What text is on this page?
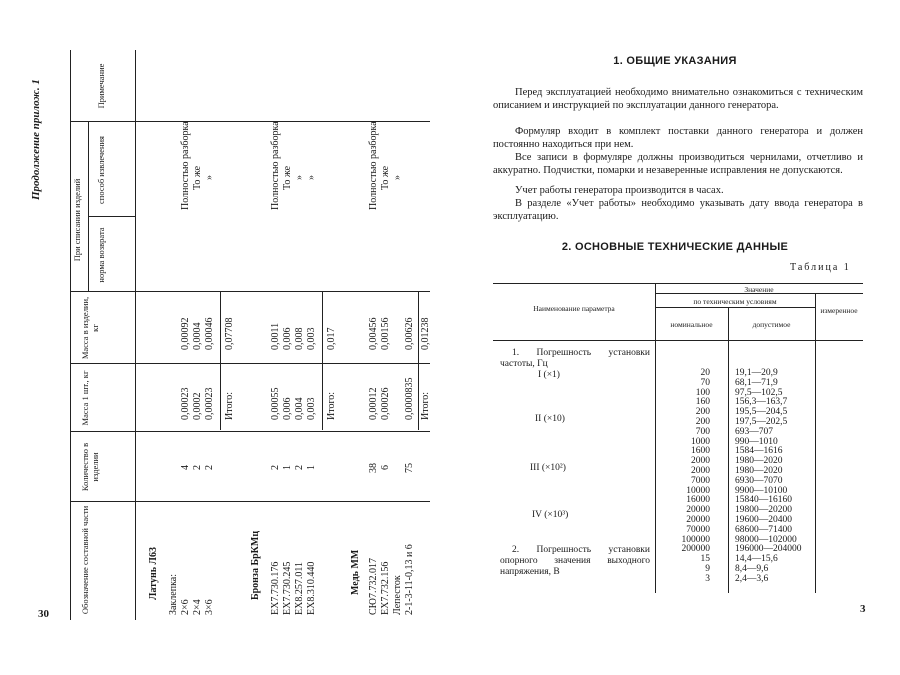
30
Продолжение прилож. 1
Обозначение составной части
Количество в изделии
Масса 1 шт., кг
Масса в изделии, кг
При списании изделий норма возврата
способ извлечения
Примечание
Латунь Л63 Заклепка: 2×6 2×4 3×6
4 2 2
0,00023 0,0002 0,00023
0,00092 0,0004 0,00046
Итого:
0,07708
Полностью разборка То же »
Бронза БрКМц ЕХ7.730.176 ЕХ7.730.245 ЕХ8.257.011 ЕХ8.310.440
2 1 2 1
0,00055 0,006 0,004 0,003
0,0011 0,006 0,008 0,003
Итого:
0,017
Полностью разборка То же » »
Медь ММ СЮ7.732.017 ЕХ7.732.156 Лепесток 2-1-3-11-0,13 и 6
38 6 75
0,00012 0,00026 0,0000835
0,00456 0,00156 0,00626
Итого:
0,01238
Полностью разборка То же »
1. ОБЩИЕ УКАЗАНИЯ
Перед эксплуатацией необходимо внимательно ознакомиться с техническим описанием и инструкцией по эксплуатации данного генератора.
Формуляр входит в комплект поставки данного генератора и должен постоянно находиться при нем.
Все записи в формуляре должны производиться чернилами, отчетливо и аккуратно. Подчистки, помарки и незаверенные исправления не допускаются.
Учет работы генератора производится в часах.
В разделе «Учет работы» необходимо указывать дату ввода генератора в эксплуатацию.
2. ОСНОВНЫЕ ТЕХНИЧЕСКИЕ ДАННЫЕ
Таблица 1
Наименование параметра
Значение
по техническим условиям
номинальное	допустимое
измеренное
1. Погрешность установки частоты, Гц
I (×1)
II (×10)
III (×10²)
IV (×10³)
2. Погрешность установки опорного значения выходного напряжения, В
20
70
100
160
200
200
700
1000
1600
2000
2000
7000
10000
16000
20000
20000
70000
100000
200000
15
9
3
19,1—20,9
68,1—71,9
97,5—102,5
156,3—163,7
195,5—204,5
197,5—202,5
693—707
990—1010
1584—1616
1980—2020
1980—2020
6930—7070
9900—10100
15840—16160
19800—20200
19600—20400
68600—71400
98000—102000
196000—204000
14,4—15,6
8,4—9,6
2,4—3,6
3
